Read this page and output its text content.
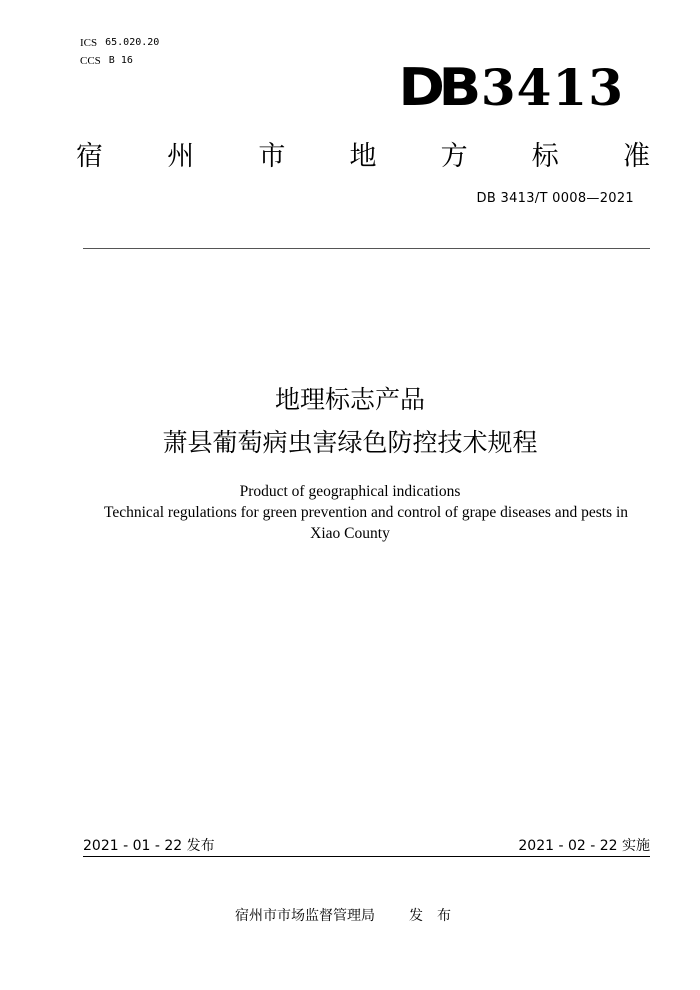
ICS 65.020.20
CCS B 16	DB 3413
宿 州 市 地 方 标 准
DB 3413/T 0008—2021
地理标志产品
萧县葡萄病虫害绿色防控技术规程
Product of geographical indications
Technical regulations for green prevention and control of grape diseases and pests in
Xiao County
2021 - 01 - 22 发布	2021 - 02 - 22 实施
宿州市市场监督管理局 发布
